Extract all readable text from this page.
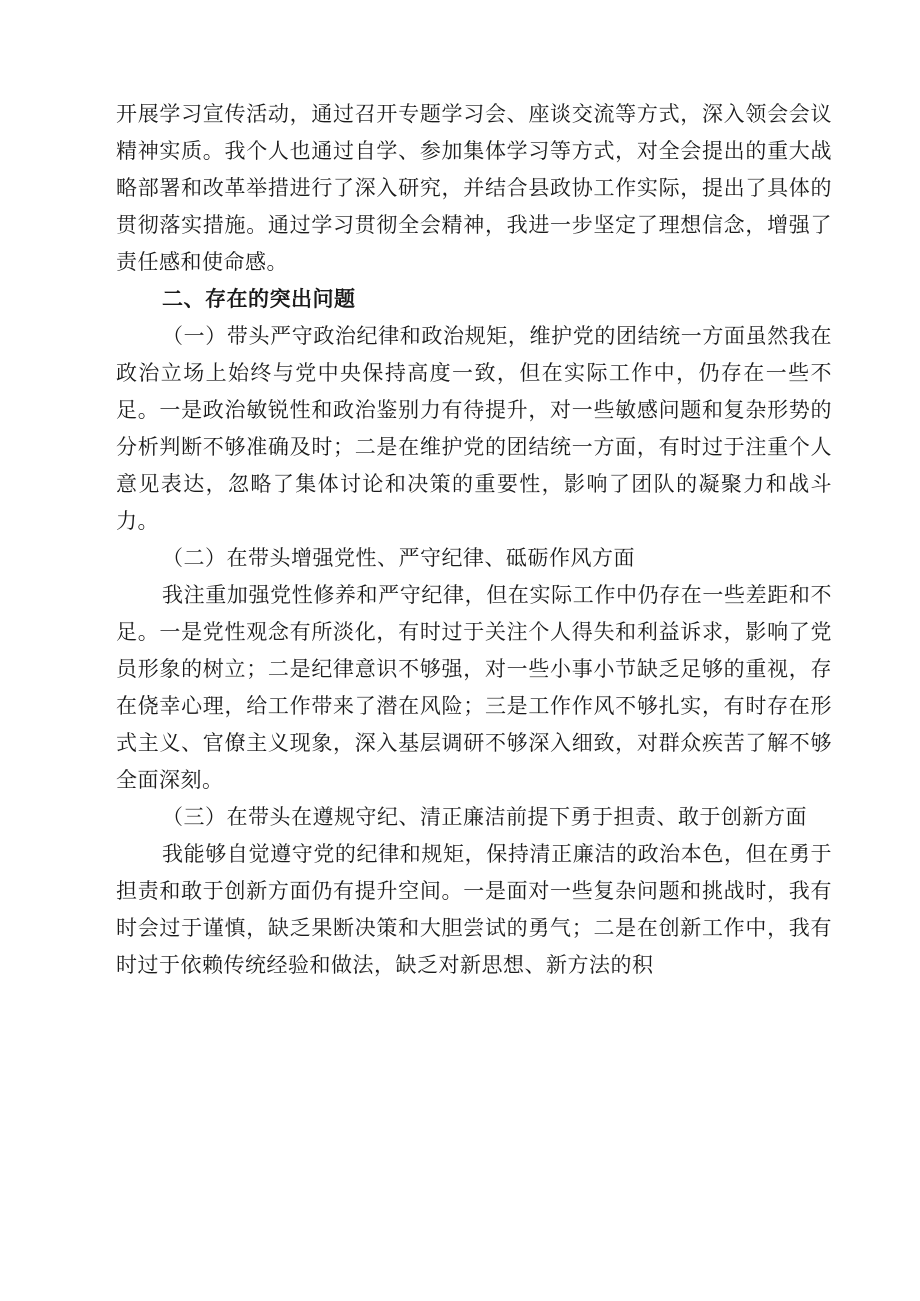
开展学习宣传活动，通过召开专题学习会、座谈交流等方式，深入领会会议精神实质。我个人也通过自学、参加集体学习等方式，对全会提出的重大战略部署和改革举措进行了深入研究，并结合县政协工作实际，提出了具体的贯彻落实措施。通过学习贯彻全会精神，我进一步坚定了理想信念，增强了责任感和使命感。

二、存在的突出问题

（一）带头严守政治纪律和政治规矩，维护党的团结统一方面虽然我在政治立场上始终与党中央保持高度一致，但在实际工作中，仍存在一些不足。一是政治敏锐性和政治鉴别力有待提升，对一些敏感问题和复杂形势的分析判断不够准确及时；二是在维护党的团结统一方面，有时过于注重个人意见表达，忽略了集体讨论和决策的重要性，影响了团队的凝聚力和战斗力。

（二）在带头增强党性、严守纪律、砥砺作风方面

我注重加强党性修养和严守纪律，但在实际工作中仍存在一些差距和不足。一是党性观念有所淡化，有时过于关注个人得失和利益诉求，影响了党员形象的树立；二是纪律意识不够强，对一些小事小节缺乏足够的重视，存在侥幸心理，给工作带来了潜在风险；三是工作作风不够扎实，有时存在形式主义、官僚主义现象，深入基层调研不够深入细致，对群众疾苦了解不够全面深刻。

（三）在带头在遵规守纪、清正廉洁前提下勇于担责、敢于创新方面

我能够自觉遵守党的纪律和规矩，保持清正廉洁的政治本色，但在勇于担责和敢于创新方面仍有提升空间。一是面对一些复杂问题和挑战时，我有时会过于谨慎，缺乏果断决策和大胆尝试的勇气；二是在创新工作中，我有时过于依赖传统经验和做法，缺乏对新思想、新方法的积
